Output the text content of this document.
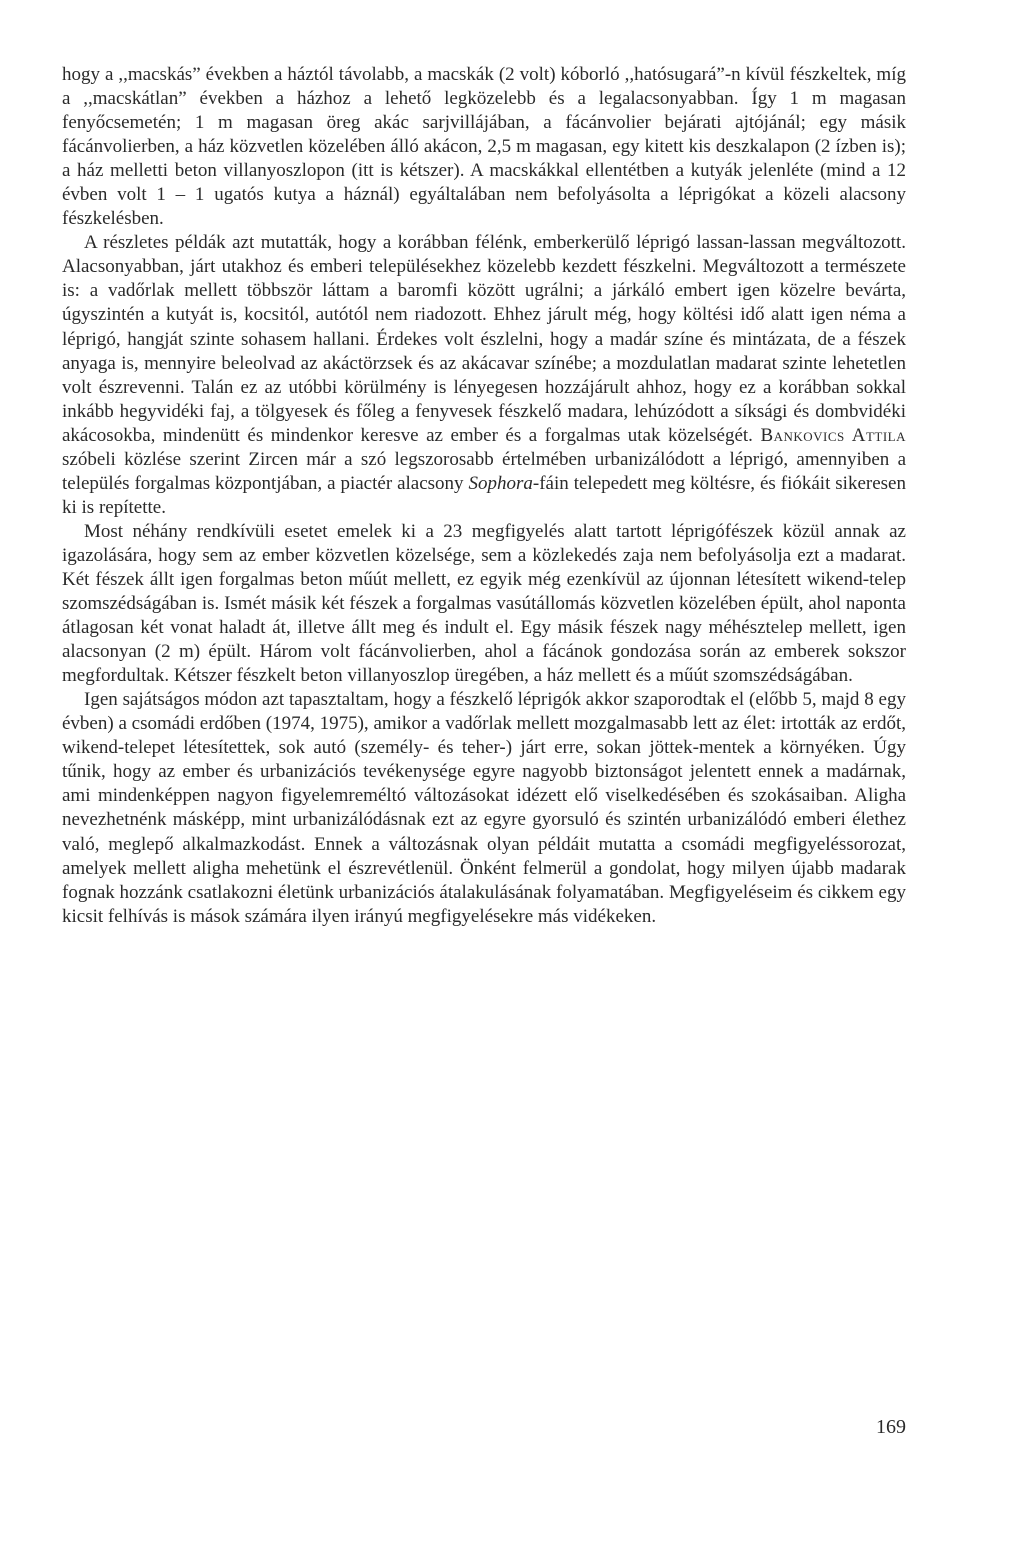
hogy a ,,macskás” években a háztól távolabb, a macskák (2 volt) kóborló ,,hatósugará”-n kívül fészkeltek, míg a ,,macskátlan” években a házhoz a lehető legközelebb és a legalacsonyabban. Így 1 m magasan fenyőcsemetén; 1 m magasan öreg akác sarjvillájában, a fácánvolier bejárati ajtójánál; egy másik fácánvolierben, a ház közvetlen közelében álló akácon, 2,5 m magasan, egy kitett kis deszkalapon (2 ízben is); a ház melletti beton villanyoszlopon (itt is kétszer). A macskákkal ellentétben a kutyák jelenléte (mind a 12 évben volt 1 – 1 ugatós kutya a háznál) egyáltalában nem befolyásolta a léprigókat a közeli alacsony fészkelésben.

A részletes példák azt mutatták, hogy a korábban félénk, emberkerülő léprigó lassan-lassan megváltozott. Alacsonyabban, járt utakhoz és emberi településekhez közelebb kezdett fészkelni. Megváltozott a természete is: a vadőrlak mellett többször láttam a baromfi között ugrálni; a járkáló embert igen közelre bevárta, úgyszintén a kutyát is, kocsitól, autótól nem riadozott. Ehhez járult még, hogy költési idő alatt igen néma a léprigó, hangját szinte sohasem hallani. Érdekes volt észlelni, hogy a madár színe és mintázata, de a fészek anyaga is, mennyire beleolvad az akáctörzsek és az akácavar színébe; a mozdulatlan madarat szinte lehetetlen volt észrevenni. Talán ez az utóbbi körülmény is lényegesen hozzájárult ahhoz, hogy ez a korábban sokkal inkább hegyvidéki faj, a tölgyesek és főleg a fenyvesek fészkelő madara, lehúzódott a síksági és dombvidéki akácosokba, mindenütt és mindenkor keresve az ember és a forgalmas utak közelségét. Bankovics Attila szóbeli közlése szerint Zircen már a szó legszorosabb értelmében urbanizálódott a léprigó, amennyiben a település forgalmas központjában, a piactér alacsony Sophora-fáin telepedett meg költésre, és fiókáit sikeresen ki is repítette.

Most néhány rendkívüli esetet emelek ki a 23 megfigyelés alatt tartott léprigófészek közül annak az igazolására, hogy sem az ember közvetlen közelsége, sem a közlekedés zaja nem befolyásolja ezt a madarat. Két fészek állt igen forgalmas beton műút mellett, ez egyik még ezenkívül az újonnan létesített wikend-telep szomszédságában is. Ismét másik két fészek a forgalmas vasútállomás közvetlen közelében épült, ahol naponta átlagosan két vonat haladt át, illetve állt meg és indult el. Egy másik fészek nagy méhésztelep mellett, igen alacsonyan (2 m) épült. Három volt fácánvolierben, ahol a fácánok gondozása során az emberek sokszor megfordultak. Kétszer fészkelt beton villanyoszlop üregében, a ház mellett és a műút szomszédságában.

Igen sajátságos módon azt tapasztaltam, hogy a fészkelő léprigók akkor szaporodtak el (előbb 5, majd 8 egy évben) a csomádi erdőben (1974, 1975), amikor a vadőrlak mellett mozgalmasabb lett az élet: irtották az erdőt, wikend-telepet létesítettek, sok autó (személy- és teher-) járt erre, sokan jöttek-mentek a környéken. Úgy tűnik, hogy az ember és urbanizációs tevékenysége egyre nagyobb biztonságot jelentett ennek a madárnak, ami mindenképpen nagyon figyelemreméltó változásokat idézett elő viselkedésében és szokásaiban. Aligha nevezhetnénk másképp, mint urbanizálódásnak ezt az egyre gyorsuló és szintén urbanizálódó emberi élethez való, meglepő alkalmazkodást. Ennek a változásnak olyan példáit mutatta a csomádi megfigyeléssorozat, amelyek mellett aligha mehetünk el észrevétlenül. Önként felmerül a gondolat, hogy milyen újabb madarak fognak hozzánk csatlakozni életünk urbanizációs átalakulásának folyamatában. Megfigyeléseim és cikkem egy kicsit felhívás is mások számára ilyen irányú megfigyelésekre más vidékeken.

169
